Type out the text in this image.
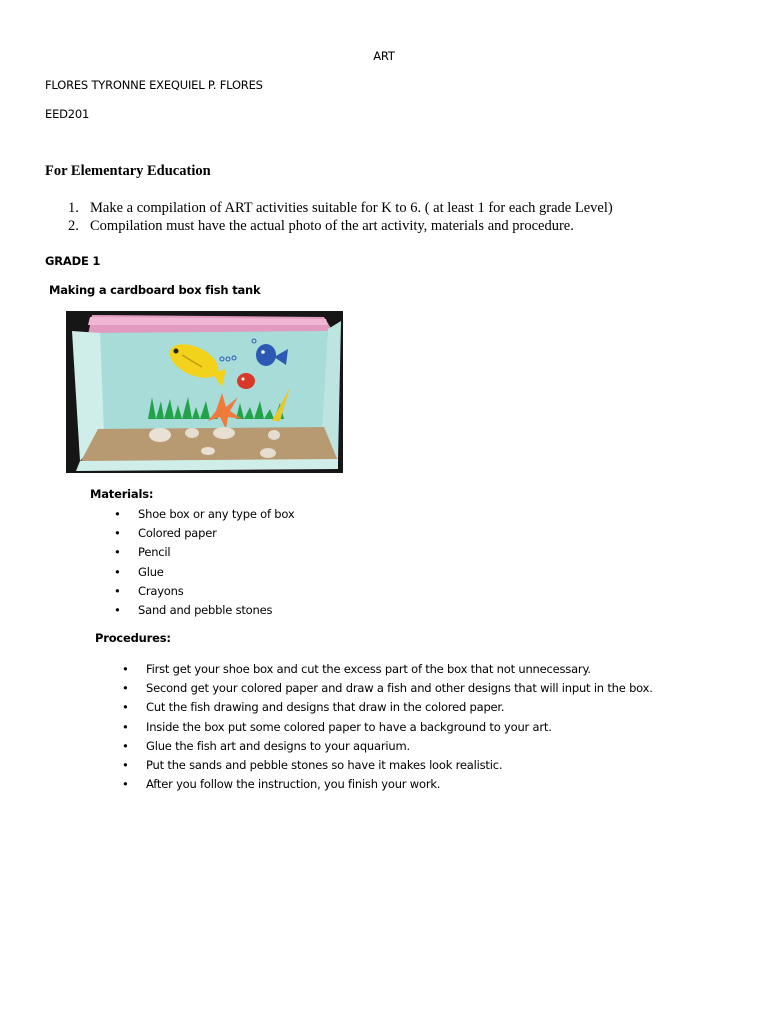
ART
FLORES TYRONNE EXEQUIEL P. FLORES
EED201
For Elementary Education
1. Make a compilation of ART activities suitable for K to 6. ( at least 1 for each grade Level)
2. Compilation must have the actual photo of the art activity, materials and procedure.
GRADE 1
Making a cardboard box fish tank
Materials:
• Shoe box or any type of box
• Colored paper
• Pencil
• Glue
• Crayons
• Sand and pebble stones
Procedures:
• First get your shoe box and cut the excess part of the box that not unnecessary.
• Second get your colored paper and draw a fish and other designs that will input in the box.
• Cut the fish drawing and designs that draw in the colored paper.
• Inside the box put some colored paper to have a background to your art.
• Glue the fish art and designs to your aquarium.
• Put the sands and pebble stones so have it makes look realistic.
• After you follow the instruction, you finish your work.
